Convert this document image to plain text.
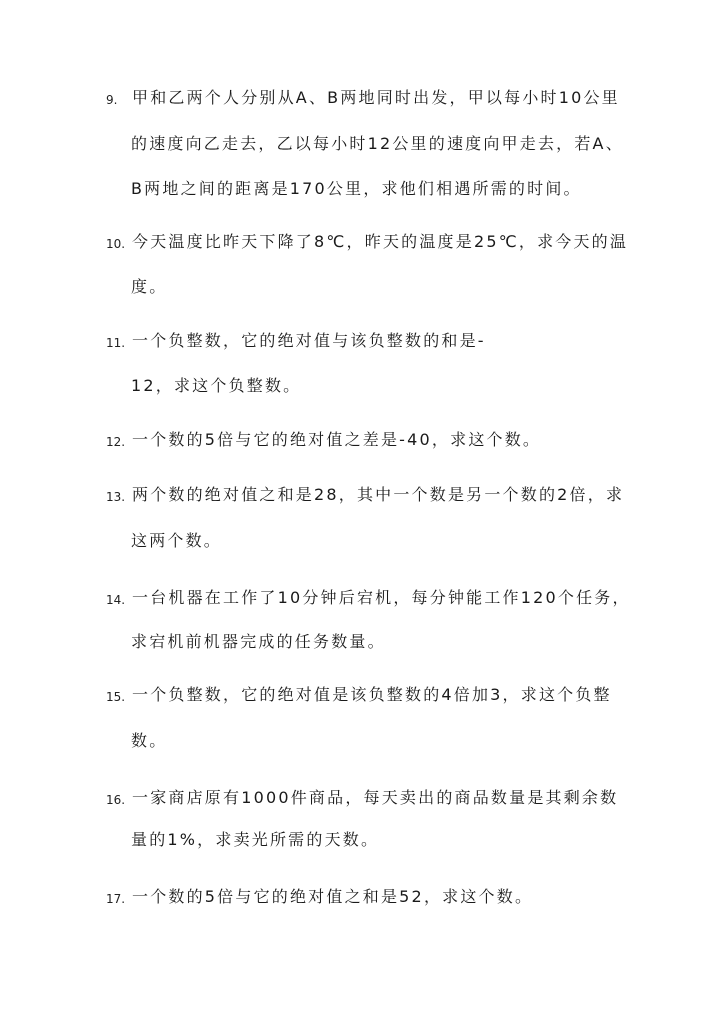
9. 甲和乙两个人分别从A、B两地同时出发，甲以每小时10公里
的速度向乙走去，乙以每小时12公里的速度向甲走去，若A、
B两地之间的距离是170公里，求他们相遇所需的时间。
10. 今天温度比昨天下降了8℃，昨天的温度是25℃，求今天的温
度。
11. 一个负整数，它的绝对值与该负整数的和是-
12，求这个负整数。
12. 一个数的5倍与它的绝对值之差是-40，求这个数。
13. 两个数的绝对值之和是28，其中一个数是另一个数的2倍，求
这两个数。
14. 一台机器在工作了10分钟后宕机，每分钟能工作120个任务，
求宕机前机器完成的任务数量。
15. 一个负整数，它的绝对值是该负整数的4倍加3，求这个负整
数。
16. 一家商店原有1000件商品，每天卖出的商品数量是其剩余数
量的1%，求卖光所需的天数。
17. 一个数的5倍与它的绝对值之和是52，求这个数。
